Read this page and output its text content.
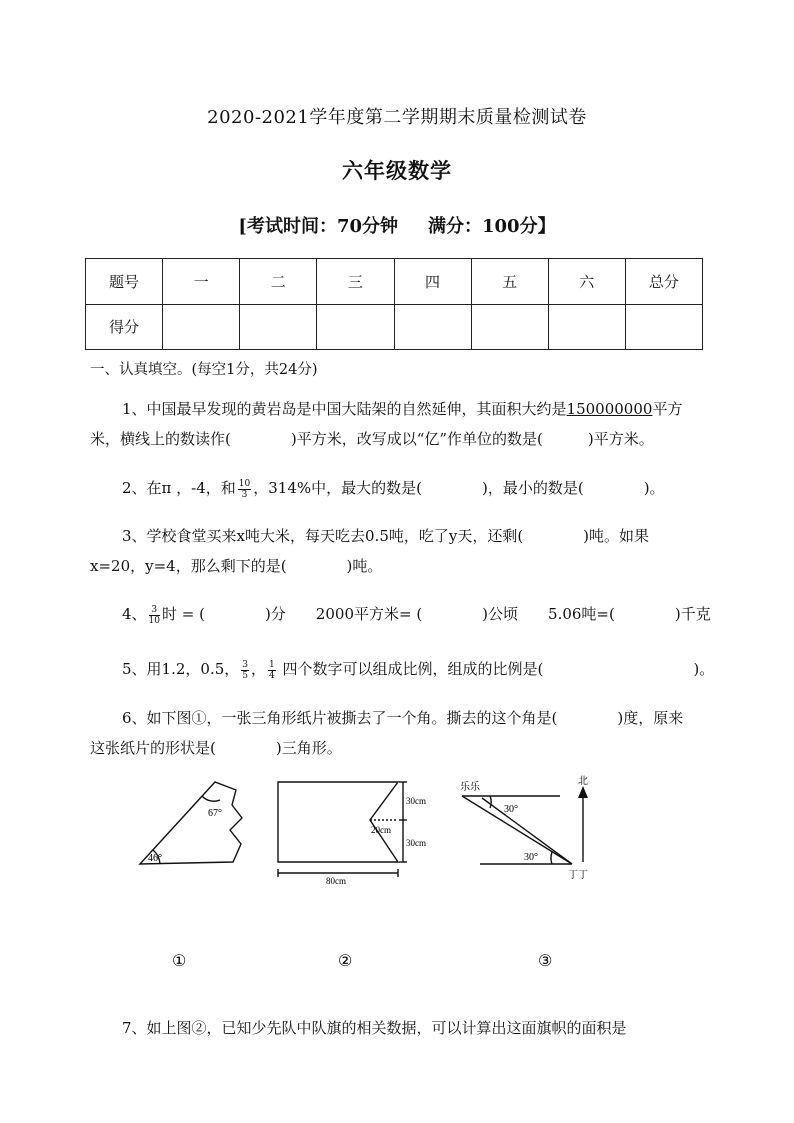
2020-2021学年度第二学期期末质量检测试卷
六年级数学
[考试时间：70分钟 满分：100分】
题号	一	二	三	四	五	六	总分
得分							
一、认真填空。(每空1分，共24分)
1、中国最早发现的黄岩岛是中国大陆架的自然延伸，其面积大约是150000000平方
米，横线上的数读作(　　　　)平方米，改写成以“亿”作单位的数是(　　　)平方米。
2、在π ，-4，和 $\frac{10}{3}$ ，314%中，最大的数是(　　　　)，最小的数是(　　　　)。
3、学校食堂买来x吨大米，每天吃去0.5吨，吃了y天，还剩(　　　　)吨。如果
x=20，y=4，那么剩下的是(　　　　)吨。
4、 $\frac{3}{10}$ 时 = (　　　　)分　　2000平方米= (　　　　)公顷　　5.06吨=(　　　　)千克
5、用1.2，0.5， $\frac{3}{5}$ ， $\frac{1}{4}$ 四个数字可以组成比例，组成的比例是(　　　　　　　　　　)。
6、如下图①，一张三角形纸片被撕去了一个角。撕去的这个角是(　　　　)度，原来
这张纸片的形状是(　　　　)三角形。
67°
46°
①
30cm
30cm
20cm
80cm
②
乐乐
北
30°
30°
丁丁
③
7、如上图②，已知少先队中队旗的相关数据，可以计算出这面旗帜的面积是
